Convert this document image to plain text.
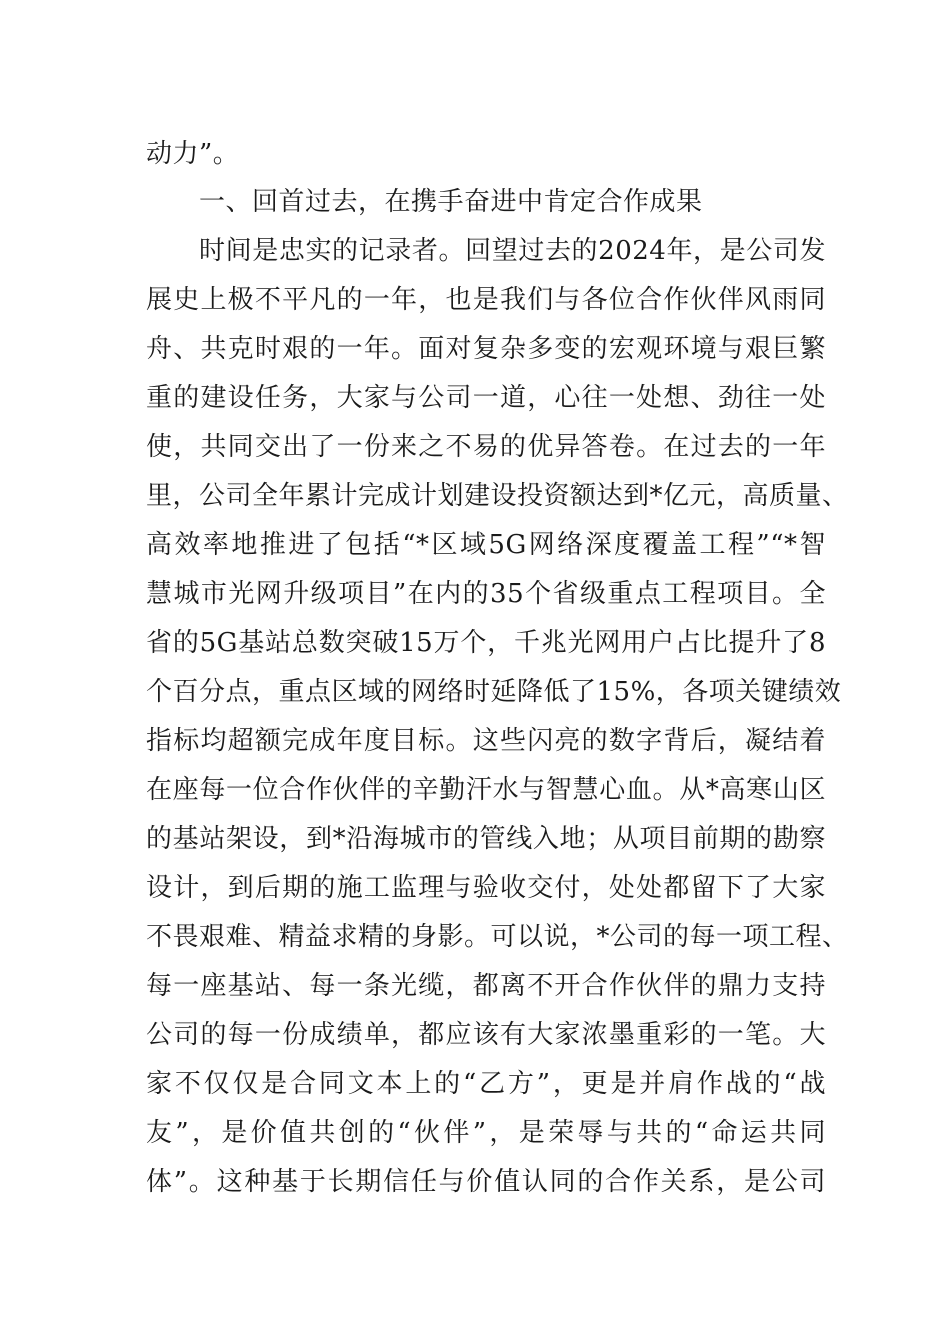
动力”。
一、回首过去，在携手奋进中肯定合作成果
时间是忠实的记录者。回望过去的2024年，是公司发
展史上极不平凡的一年，也是我们与各位合作伙伴风雨同
舟、共克时艰的一年。面对复杂多变的宏观环境与艰巨繁
重的建设任务，大家与公司一道，心往一处想、劲往一处
使，共同交出了一份来之不易的优异答卷。在过去的一年
里，公司全年累计完成计划建设投资额达到*亿元，高质量、
高效率地推进了包括“*区域5G网络深度覆盖工程”“*智
慧城市光网升级项目”在内的35个省级重点工程项目。全
省的5G基站总数突破15万个，千兆光网用户占比提升了8
个百分点，重点区域的网络时延降低了15%，各项关键绩效
指标均超额完成年度目标。这些闪亮的数字背后，凝结着
在座每一位合作伙伴的辛勤汗水与智慧心血。从*高寒山区
的基站架设，到*沿海城市的管线入地；从项目前期的勘察
设计，到后期的施工监理与验收交付，处处都留下了大家
不畏艰难、精益求精的身影。可以说，*公司的每一项工程、
每一座基站、每一条光缆，都离不开合作伙伴的鼎力支持
公司的每一份成绩单，都应该有大家浓墨重彩的一笔。大
家不仅仅是合同文本上的“乙方”，更是并肩作战的“战
友”，是价值共创的“伙伴”，是荣辱与共的“命运共同
体”。这种基于长期信任与价值认同的合作关系，是公司
